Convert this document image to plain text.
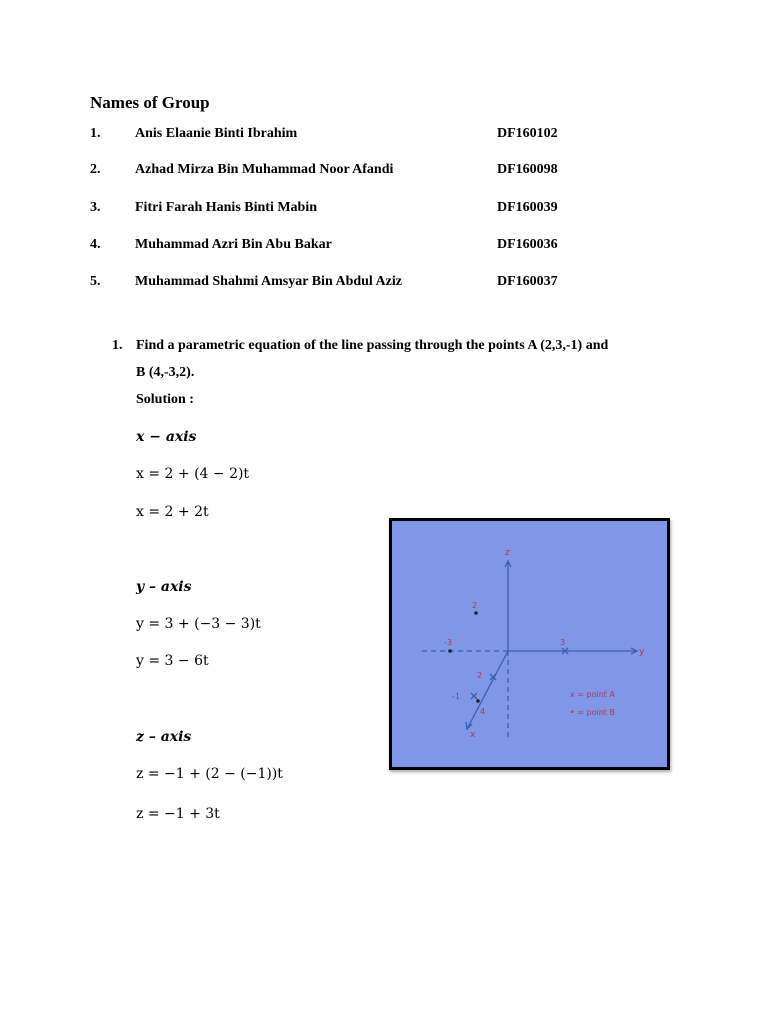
Names of Group
1. Anis Elaanie Binti Ibrahim	DF160102
2. Azhad Mirza Bin Muhammad Noor Afandi	DF160098
3. Fitri Farah Hanis Binti Mabin	DF160039
4. Muhammad Azri Bin Abu Bakar	DF160036
5. Muhammad Shahmi Amsyar Bin Abdul Aziz	DF160037
1. Find a parametric equation of the line passing through the points A (2,3,-1) and
B (4,-3,2).
Solution :
x − axis
x = 2 + (4 − 2)t
x = 2 + 2t
y – axis
y = 3 + (−3 − 3)t
y = 3 − 6t
z – axis
z = −1 + (2 − (−1))t
z = −1 + 3t
z
y
x
2
-3	3
2
-1
4
x = point A
• = point B
